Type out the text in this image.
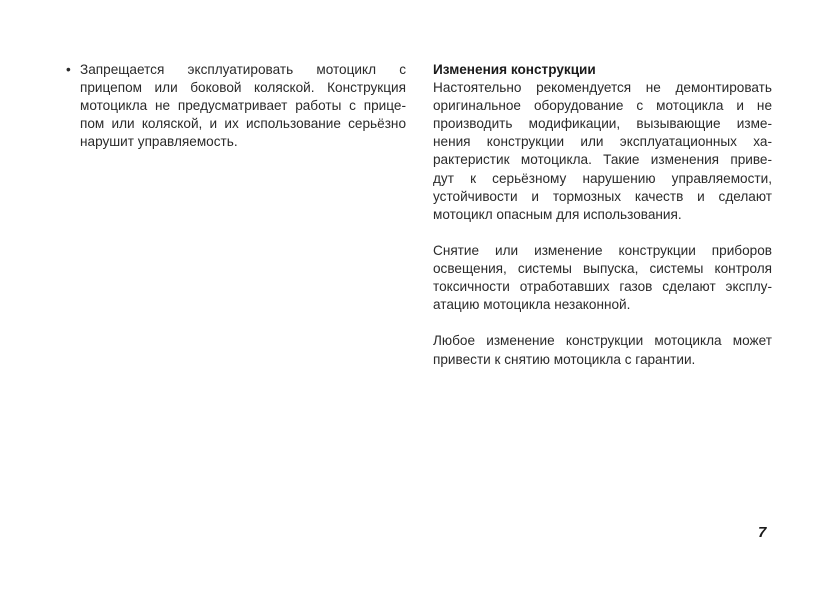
• Запрещается эксплуатировать мотоцикл с
прицепом или боковой коляской. Конструкция
мотоцикла не предусматривает работы с прице-
пом или коляской, и их использование серьёзно
нарушит управляемость.

Изменения конструкции

Настоятельно рекомендуется не демонтировать
оригинальное оборудование с мотоцикла и не
производить модификации, вызывающие изме-
нения конструкции или эксплуатационных ха-
рактеристик мотоцикла. Такие изменения приве-
дут к серьёзному нарушению управляемости,
устойчивости и тормозных качеств и сделают
мотоцикл опасным для использования.

Снятие или изменение конструкции приборов
освещения, системы выпуска, системы контроля
токсичности отработавших газов сделают эксплу-
атацию мотоцикла незаконной.

Любое изменение конструкции мотоцикла может
привести к снятию мотоцикла с гарантии.

7
